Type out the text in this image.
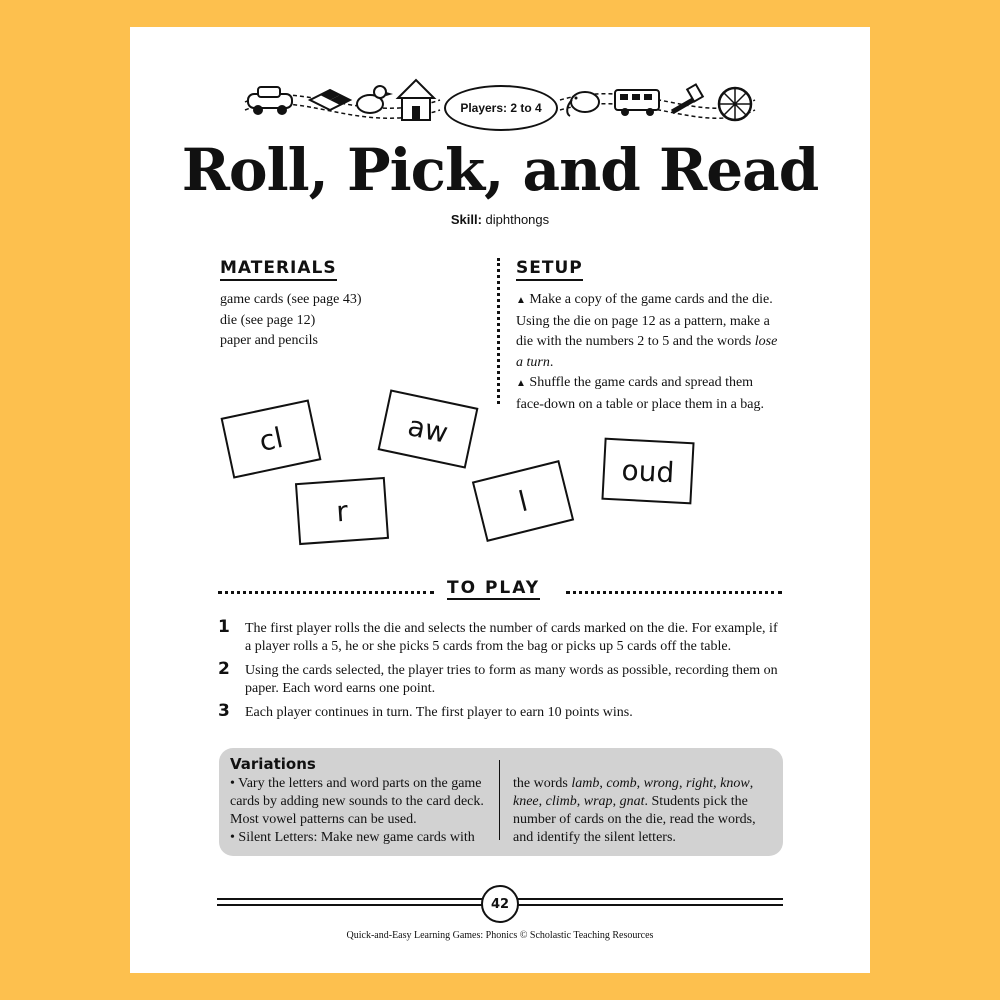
Players: 2 to 4
Roll, Pick, and Read
Skill: diphthongs
MATERIALS
game cards (see page 43)
die (see page 12)
paper and pencils
SETUP
▲ Make a copy of the game cards and the die. Using the die on page 12 as a pattern, make a die with the numbers 2 to 5 and the words lose a turn.
▲ Shuffle the game cards and spread them face-down on a table or place them in a bag.
cl	aw
oud
r	l
TO PLAY
1 The first player rolls the die and selects the number of cards marked on the die. For example, if a player rolls a 5, he or she picks 5 cards from the bag or picks up 5 cards off the table.
2 Using the cards selected, the player tries to form as many words as possible, recording them on paper. Each word earns one point.
3 Each player continues in turn. The first player to earn 10 points wins.
Variations
• Vary the letters and word parts on the game cards by adding new sounds to the card deck. Most vowel patterns can be used.
• Silent Letters: Make new game cards with
the words lamb, comb, wrong, right, know, knee, climb, wrap, gnat. Students pick the number of cards on the die, read the words, and identify the silent letters.
42
Quick-and-Easy Learning Games: Phonics © Scholastic Teaching Resources
